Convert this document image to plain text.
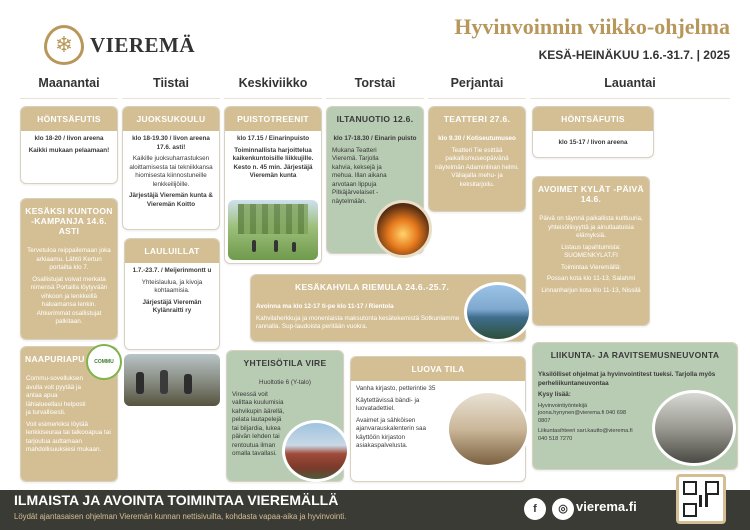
❄ VIEREMÄ
Hyvinvoinnin viikko-ohjelma
KESÄ-HEINÄKUU 1.6.-31.7. | 2025
Maanantai	Tiistai	Keskiviikko	Torstai	Perjantai	Lauantai
HÖNTSÄFUTIS

klo 18-20 / Iivon areena

Kaikki mukaan pelaamaan!

JUOKSUKOULU

klo 18-19.30 / Iivon areena 17.6. asti!

Kaikille juoksuharrastuksen aloittamisesta tai tekniikkansa hiomisesta kiinnostuneille lenkkeilijöille.

Järjestäjä Vieremän kunta & Vieremän Koitto

PUISTOTREENIT

klo 17.15 / Einarinpuisto

Toiminnallista harjoittelua kaikenkuntoisille liikkujille. Kesto n. 45 min. Järjestäjä Vieremän kunta

ILTANUOTIO 12.6.

klo 17-18.30 / Einarin puisto

Mukana Teatteri Vieremä. Tarjolla kahvia, keksejä ja mehua. Illan aikana arvotaan lippuja Pitkäjärvelaiset -näytelmään.

TEATTERI 27.6.

klo 9.30 / Kotiseutumuseo

Teatteri Tie esittää paikallismuseopäivänä näytelmän Adaminlinan helmi. Väliajalla mehu- ja keksitarjoilu.

HÖNTSÄFUTIS

klo 15-17 / Iivon areena

KESÄKSI KUNTOON -KAMPANJA 14.6. ASTI

Tervetuloa reippailemaan joka arkiaamu. Lähtö Kertun portailta klo 7.

Osallistujat voivat merkata nimensä Portailla löytyvään vihkoon ja lenkkeillä haluamansa lenkin. Ahkerimmat osallistujat palkitaan.

LAULUILLAT

1.7.-23.7. / Meijerinmontt u

Yhteislaulua, ja kivoja kohtaamisia.

Järjestäjä Vieremän Kylänraitti ry

KESÄKAHVILA RIEMULA 24.6.-25.7.

Avoinna ma klo 12-17 ti-pe klo 11-17 / Rientola

Kahvilaherkkuja ja monenlaista maksutonta kesätekemistä Sotkunlamme rannalla. Sup-laudoista peritään vuokra.

AVOIMET KYLÄT -PÄIVÄ 14.6.

Päivä on täynnä paikallista kulttuuria, yhteisöllisyyttä ja ainutlaatuisia elämyksiä.

Listaus tapahtumista: SUOMENKYLAT.FI

Toimintaa Vieremällä:

Possan kota klo 11-13, Salahmi

Linnanharjun kota klo 11-13, Nissilä

NAAPURIAPU

Commu-sovelluksen avulla voit pyytää ja antaa apua lähialueellasi helposti ja turvallisesti.

Voit esimerkiksi löytää lenkkiseuraa tai talkooapua tai tarjoutua auttamaan mahdollisuuksiesi mukaan.

COMMU	YHTEISÖTILA VIRE

Huoltotie 6 (Y-talo)

Vireessä voit valittaa kuulumisia kahvikupin äärellä, pelata lautapelejä tai biljardia, lukea päivän lehden tai rentoutua ilman omalla tavallasi.

LUOVA TILA

Vanha kirjasto, petterintie 35

Käytettävissä bändi- ja luovatadettiel.

Avaimet ja sähköisen ajanvarauskalenterin saa käyttöön kirjaston asiakaspalvelusta.

LIIKUNTA- JA RAVITSEMUSNEUVONTA

Yksilölliset ohjelmat ja hyvinvointitest tueksi. Tarjolla myös perheliikuntaneuvontaa

Kysy lisää:

Hyvinvointiyöntekijä joona.hynynen@vierema.fi 040 698 0807

Liikuntasihteeri sari.kautto@vierema.fi 040 518 7270

ILMAISTA JA AVOINTA TOIMINTAA VIEREMÄLLÄ
Löydät ajantasaisen ohjelman Vieremän kunnan nettisivuilta, kohdasta vapaa-aika ja hyvinvointi.
f	◎ vierema.fi
